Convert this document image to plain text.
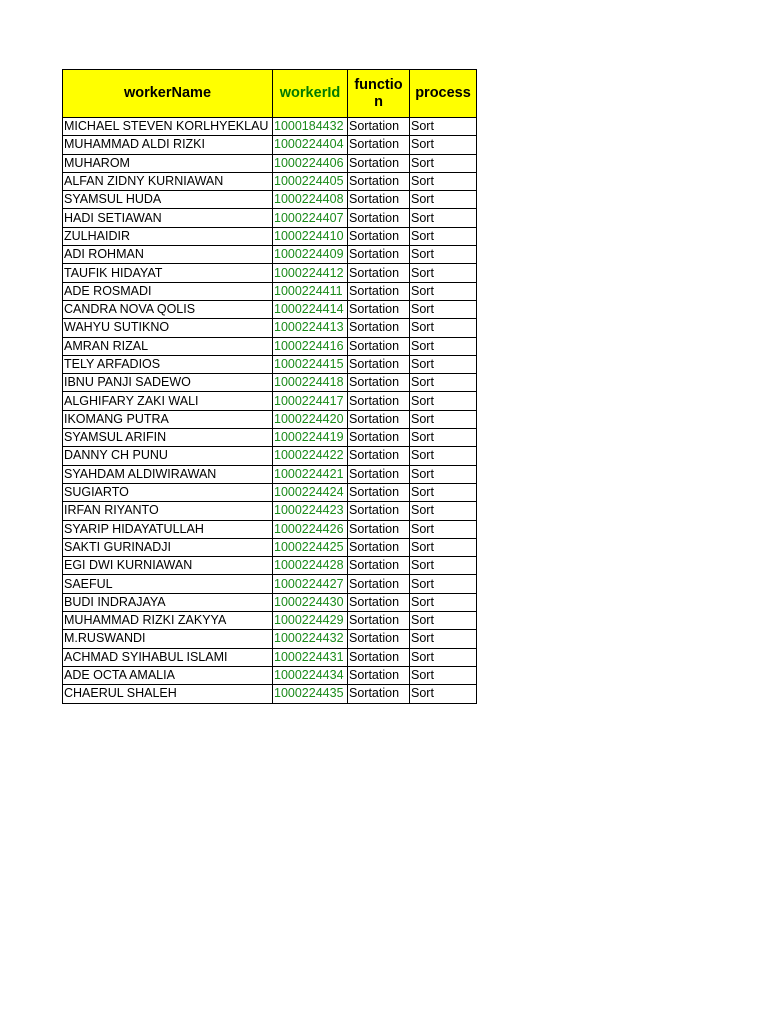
workerName	workerId	function	process
MICHAEL STEVEN KORLHYEKLAU	1000184432	Sortation	Sort
MUHAMMAD ALDI RIZKI	1000224404	Sortation	Sort
MUHAROM	1000224406	Sortation	Sort
ALFAN ZIDNY KURNIAWAN	1000224405	Sortation	Sort
SYAMSUL HUDA	1000224408	Sortation	Sort
HADI SETIAWAN	1000224407	Sortation	Sort
ZULHAIDIR	1000224410	Sortation	Sort
ADI ROHMAN	1000224409	Sortation	Sort
TAUFIK HIDAYAT	1000224412	Sortation	Sort
ADE ROSMADI	1000224411	Sortation	Sort
CANDRA NOVA QOLIS	1000224414	Sortation	Sort
WAHYU SUTIKNO	1000224413	Sortation	Sort
AMRAN RIZAL	1000224416	Sortation	Sort
TELY ARFADIOS	1000224415	Sortation	Sort
IBNU PANJI SADEWO	1000224418	Sortation	Sort
ALGHIFARY ZAKI WALI	1000224417	Sortation	Sort
IKOMANG PUTRA	1000224420	Sortation	Sort
SYAMSUL ARIFIN	1000224419	Sortation	Sort
DANNY CH PUNU	1000224422	Sortation	Sort
SYAHDAM ALDIWIRAWAN	1000224421	Sortation	Sort
SUGIARTO	1000224424	Sortation	Sort
IRFAN RIYANTO	1000224423	Sortation	Sort
SYARIP HIDAYATULLAH	1000224426	Sortation	Sort
SAKTI GURINADJI	1000224425	Sortation	Sort
EGI DWI KURNIAWAN	1000224428	Sortation	Sort
SAEFUL	1000224427	Sortation	Sort
BUDI INDRAJAYA	1000224430	Sortation	Sort
MUHAMMAD RIZKI ZAKYYA	1000224429	Sortation	Sort
M.RUSWANDI	1000224432	Sortation	Sort
ACHMAD SYIHABUL ISLAMI	1000224431	Sortation	Sort
ADE OCTA AMALIA	1000224434	Sortation	Sort
CHAERUL SHALEH	1000224435	Sortation	Sort
